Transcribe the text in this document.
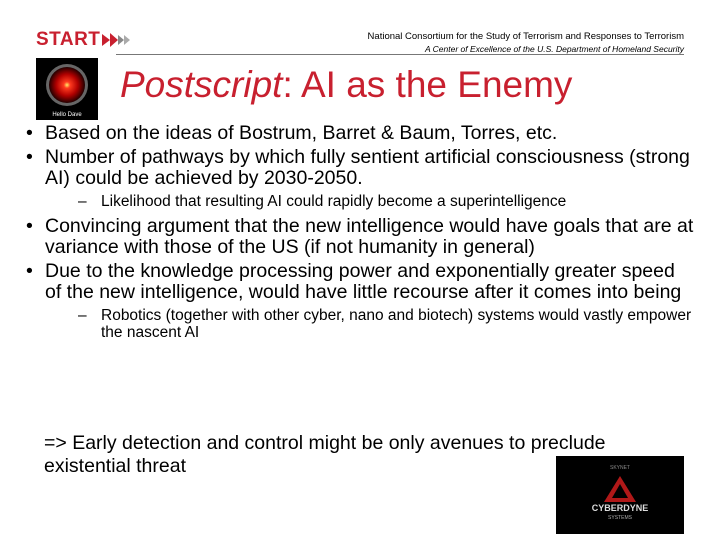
START	National Consortium for the Study of Terrorism and Responses to Terrorism
A Center of Excellence of the U.S. Department of Homeland Security
Hello Dave
Postscript: AI as the Enemy
• Based on the ideas of Bostrum, Barret & Baum, Torres, etc.
• Number of pathways by which fully sentient artificial consciousness (strong AI) could be achieved by 2030-2050.
– Likelihood that resulting AI could rapidly become a superintelligence
• Convincing argument that the new intelligence would have goals that are at variance with those of the US (if not humanity in general)
• Due to the knowledge processing power and exponentially greater speed of the new intelligence, would have little recourse after it comes into being
– Robotics (together with other cyber, nano and biotech) systems would vastly empower the nascent AI
=> Early detection and control might be only avenues to preclude existential threat	SKYNET
CYBERDYNE
SYSTEMS
